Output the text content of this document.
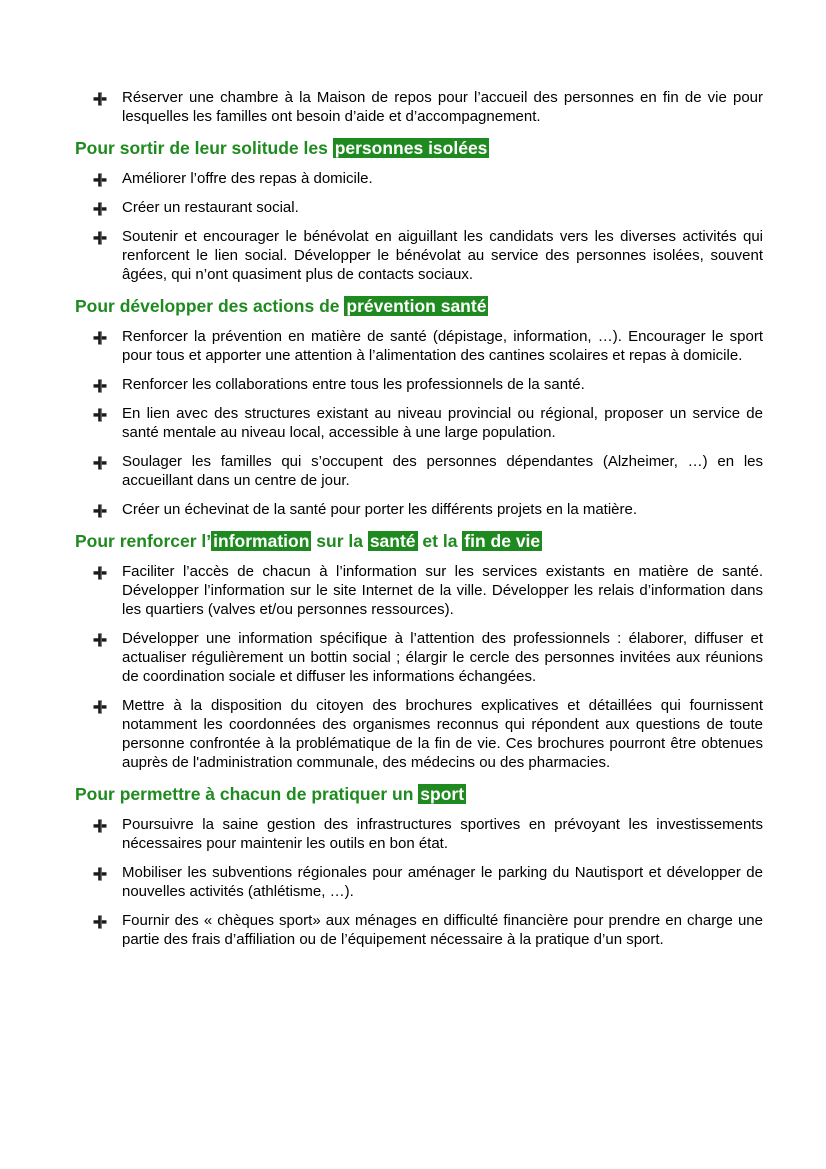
Réserver une chambre à la Maison de repos pour l’accueil des personnes en fin de vie pour lesquelles les familles ont besoin d’aide et d’accompagnement.
Pour sortir de leur solitude les personnes isolées
Améliorer l’offre des repas à domicile.
Créer un restaurant social.
Soutenir et encourager le bénévolat en aiguillant les candidats vers les diverses activités qui renforcent le lien social. Développer le bénévolat au service des personnes isolées, souvent âgées, qui n’ont quasiment plus de contacts sociaux.
Pour développer des actions de prévention santé
Renforcer la prévention en matière de santé (dépistage, information, …). Encourager le sport pour tous et apporter une attention à l’alimentation des cantines scolaires et repas à domicile.
Renforcer les collaborations entre tous les professionnels de la santé.
En lien avec des structures existant au niveau provincial ou régional, proposer un service de santé mentale au niveau local, accessible à une large population.
Soulager les familles qui s’occupent des personnes dépendantes (Alzheimer, …) en les accueillant dans un centre de jour.
Créer un échevinat de la santé pour porter les différents projets en la matière.
Pour renforcer l’ information sur la santé et la fin de vie
Faciliter l’accès de chacun à l’information sur les services existants en matière de santé. Développer l’information sur le site Internet de la ville. Développer les relais d’information dans les quartiers (valves et/ou personnes ressources).
Développer une information spécifique à l’attention des professionnels : élaborer, diffuser et actualiser régulièrement un bottin social ; élargir le cercle des personnes invitées aux réunions de coordination sociale et diffuser les informations échangées.
Mettre à la disposition du citoyen des brochures explicatives et détaillées qui fournissent notamment les coordonnées des organismes reconnus qui répondent aux questions de toute personne confrontée à la problématique de la fin de vie. Ces brochures pourront être obtenues auprès de l'administration communale, des médecins ou des pharmacies.
Pour permettre à chacun de pratiquer un sport
Poursuivre la saine gestion des infrastructures sportives en prévoyant les investissements nécessaires pour maintenir les outils en bon état.
Mobiliser les subventions régionales pour aménager le parking du Nautisport et développer de nouvelles activités (athlétisme, …).
Fournir des « chèques sport» aux ménages en difficulté financière pour prendre en charge une partie des frais d’affiliation ou de l’équipement nécessaire à la pratique d’un sport.
